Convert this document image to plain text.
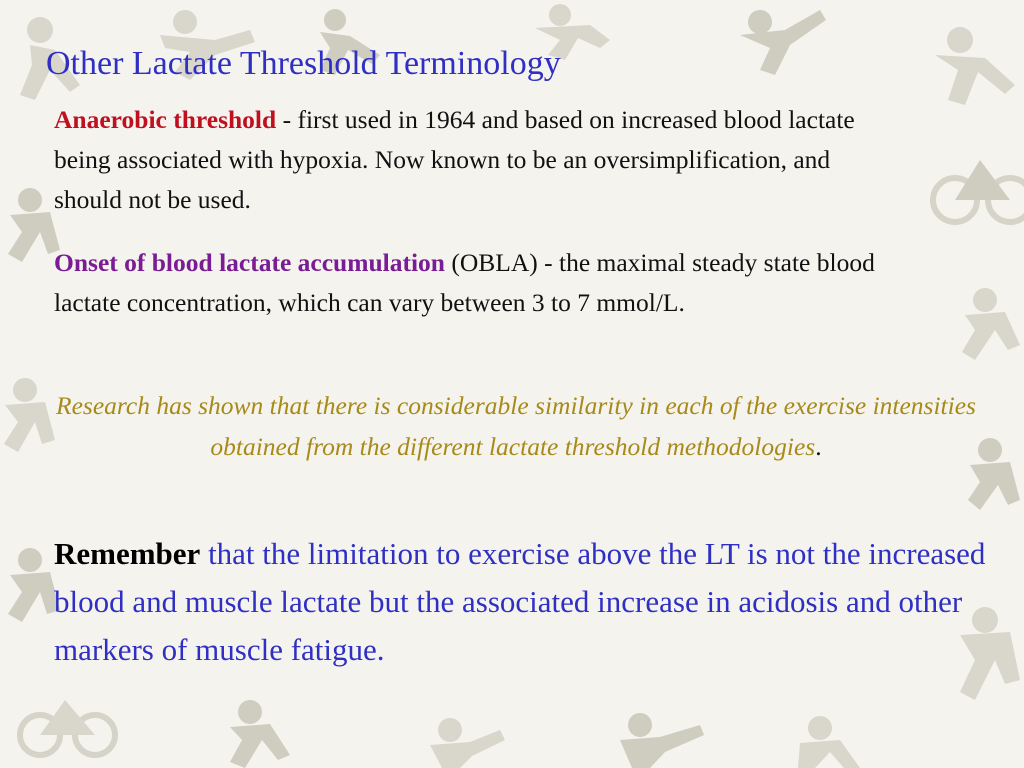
Other Lactate Threshold Terminology

Anaerobic threshold - first used in 1964 and based on increased blood lactate being associated with hypoxia. Now known to be an oversimplification, and should not be used.

Onset of blood lactate accumulation (OBLA) - the maximal steady state blood lactate concentration, which can vary between 3 to 7 mmol/L.

Research has shown that there is considerable similarity in each of the exercise intensities obtained from the different lactate threshold methodologies.

Remember that the limitation to exercise above the LT is not the increased blood and muscle lactate but the associated increase in acidosis and other markers of muscle fatigue.
